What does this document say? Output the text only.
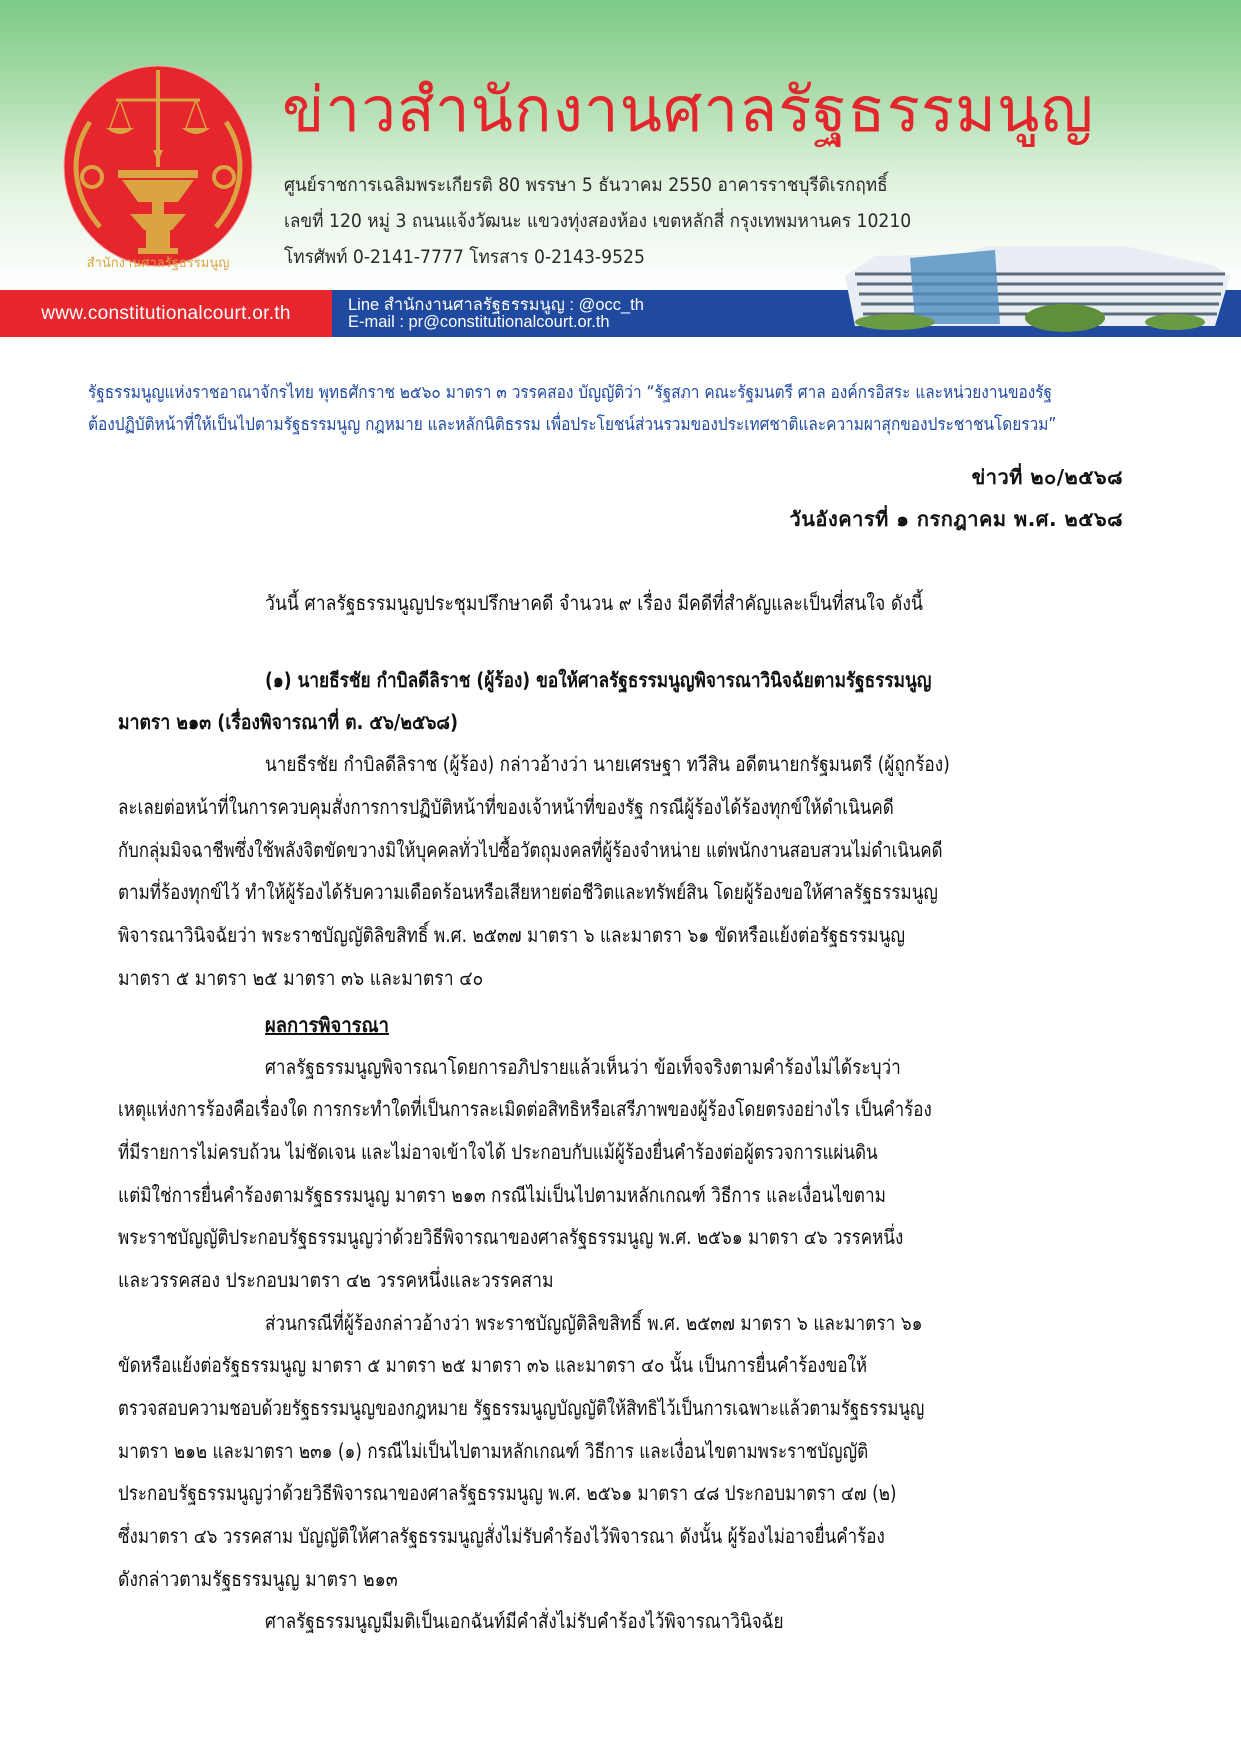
สำนักงานศาลรัฐธรรมนูญ
ข่าวสำนักงานศาลรัฐธรรมนูญ
ศูนย์ราชการเฉลิมพระเกียรติ 80 พรรษา 5 ธันวาคม 2550 อาคารราชบุรีดิเรกฤทธิ์
เลขที่ 120 หมู่ 3 ถนนแจ้งวัฒนะ แขวงทุ่งสองห้อง เขตหลักสี่ กรุงเทพมหานคร 10210
โทรศัพท์ 0-2141-7777 โทรสาร 0-2143-9525
www.constitutionalcourt.or.th	Line สำนักงานศาลรัฐธรรมนูญ : @occ_th
E-mail : pr@constitutionalcourt.or.th
รัฐธรรมนูญแห่งราชอาณาจักรไทย พุทธศักราช ๒๕๖๐ มาตรา ๓ วรรคสอง บัญญัติว่า “รัฐสภา คณะรัฐมนตรี ศาล องค์กรอิสระ และหน่วยงานของรัฐ
ต้องปฏิบัติหน้าที่ให้เป็นไปตามรัฐธรรมนูญ กฎหมาย และหลักนิติธรรม เพื่อประโยชน์ส่วนรวมของประเทศชาติและความผาสุกของประชาชนโดยรวม”
ข่าวที่ ๒๐/๒๕๖๘
วันอังคารที่ ๑ กรกฎาคม พ.ศ. ๒๕๖๘
วันนี้ ศาลรัฐธรรมนูญประชุมปรึกษาคดี จำนวน ๙ เรื่อง มีคดีที่สำคัญและเป็นที่สนใจ ดังนี้
(๑) นายธีรชัย กำบิลดีลิราช (ผู้ร้อง) ขอให้ศาลรัฐธรรมนูญพิจารณาวินิจฉัยตามรัฐธรรมนูญ
มาตรา ๒๑๓ (เรื่องพิจารณาที่ ต. ๕๖/๒๕๖๘)
นายธีรชัย กำบิลดีลิราช (ผู้ร้อง) กล่าวอ้างว่า นายเศรษฐา ทวีสิน อดีตนายกรัฐมนตรี (ผู้ถูกร้อง)
ละเลยต่อหน้าที่ในการควบคุมสั่งการการปฏิบัติหน้าที่ของเจ้าหน้าที่ของรัฐ กรณีผู้ร้องได้ร้องทุกข์ให้ดำเนินคดี
กับกลุ่มมิจฉาชีพซึ่งใช้พลังจิตขัดขวางมิให้บุคคลทั่วไปซื้อวัตถุมงคลที่ผู้ร้องจำหน่าย แต่พนักงานสอบสวนไม่ดำเนินคดี
ตามที่ร้องทุกข์ไว้ ทำให้ผู้ร้องได้รับความเดือดร้อนหรือเสียหายต่อชีวิตและทรัพย์สิน โดยผู้ร้องขอให้ศาลรัฐธรรมนูญ
พิจารณาวินิจฉัยว่า พระราชบัญญัติลิขสิทธิ์ พ.ศ. ๒๕๓๗ มาตรา ๖ และมาตรา ๖๑ ขัดหรือแย้งต่อรัฐธรรมนูญ
มาตรา ๕ มาตรา ๒๕ มาตรา ๓๖ และมาตรา ๔๐
ผลการพิจารณา
ศาลรัฐธรรมนูญพิจารณาโดยการอภิปรายแล้วเห็นว่า ข้อเท็จจริงตามคำร้องไม่ได้ระบุว่า
เหตุแห่งการร้องคือเรื่องใด การกระทำใดที่เป็นการละเมิดต่อสิทธิหรือเสรีภาพของผู้ร้องโดยตรงอย่างไร เป็นคำร้อง
ที่มีรายการไม่ครบถ้วน ไม่ชัดเจน และไม่อาจเข้าใจได้ ประกอบกับแม้ผู้ร้องยื่นคำร้องต่อผู้ตรวจการแผ่นดิน
แต่มิใช่การยื่นคำร้องตามรัฐธรรมนูญ มาตรา ๒๑๓ กรณีไม่เป็นไปตามหลักเกณฑ์ วิธีการ และเงื่อนไขตาม
พระราชบัญญัติประกอบรัฐธรรมนูญว่าด้วยวิธีพิจารณาของศาลรัฐธรรมนูญ พ.ศ. ๒๕๖๑ มาตรา ๔๖ วรรคหนึ่ง
และวรรคสอง ประกอบมาตรา ๔๒ วรรคหนึ่งและวรรคสาม
ส่วนกรณีที่ผู้ร้องกล่าวอ้างว่า พระราชบัญญัติลิขสิทธิ์ พ.ศ. ๒๕๓๗ มาตรา ๖ และมาตรา ๖๑
ขัดหรือแย้งต่อรัฐธรรมนูญ มาตรา ๕ มาตรา ๒๕ มาตรา ๓๖ และมาตรา ๔๐ นั้น เป็นการยื่นคำร้องขอให้
ตรวจสอบความชอบด้วยรัฐธรรมนูญของกฎหมาย รัฐธรรมนูญบัญญัติให้สิทธิไว้เป็นการเฉพาะแล้วตามรัฐธรรมนูญ
มาตรา ๒๑๒ และมาตรา ๒๓๑ (๑) กรณีไม่เป็นไปตามหลักเกณฑ์ วิธีการ และเงื่อนไขตามพระราชบัญญัติ
ประกอบรัฐธรรมนูญว่าด้วยวิธีพิจารณาของศาลรัฐธรรมนูญ พ.ศ. ๒๕๖๑ มาตรา ๔๘ ประกอบมาตรา ๔๗ (๒)
ซึ่งมาตรา ๔๖ วรรคสาม บัญญัติให้ศาลรัฐธรรมนูญสั่งไม่รับคำร้องไว้พิจารณา ดังนั้น ผู้ร้องไม่อาจยื่นคำร้อง
ดังกล่าวตามรัฐธรรมนูญ มาตรา ๒๑๓
ศาลรัฐธรรมนูญมีมติเป็นเอกฉันท์มีคำสั่งไม่รับคำร้องไว้พิจารณาวินิจฉัย
